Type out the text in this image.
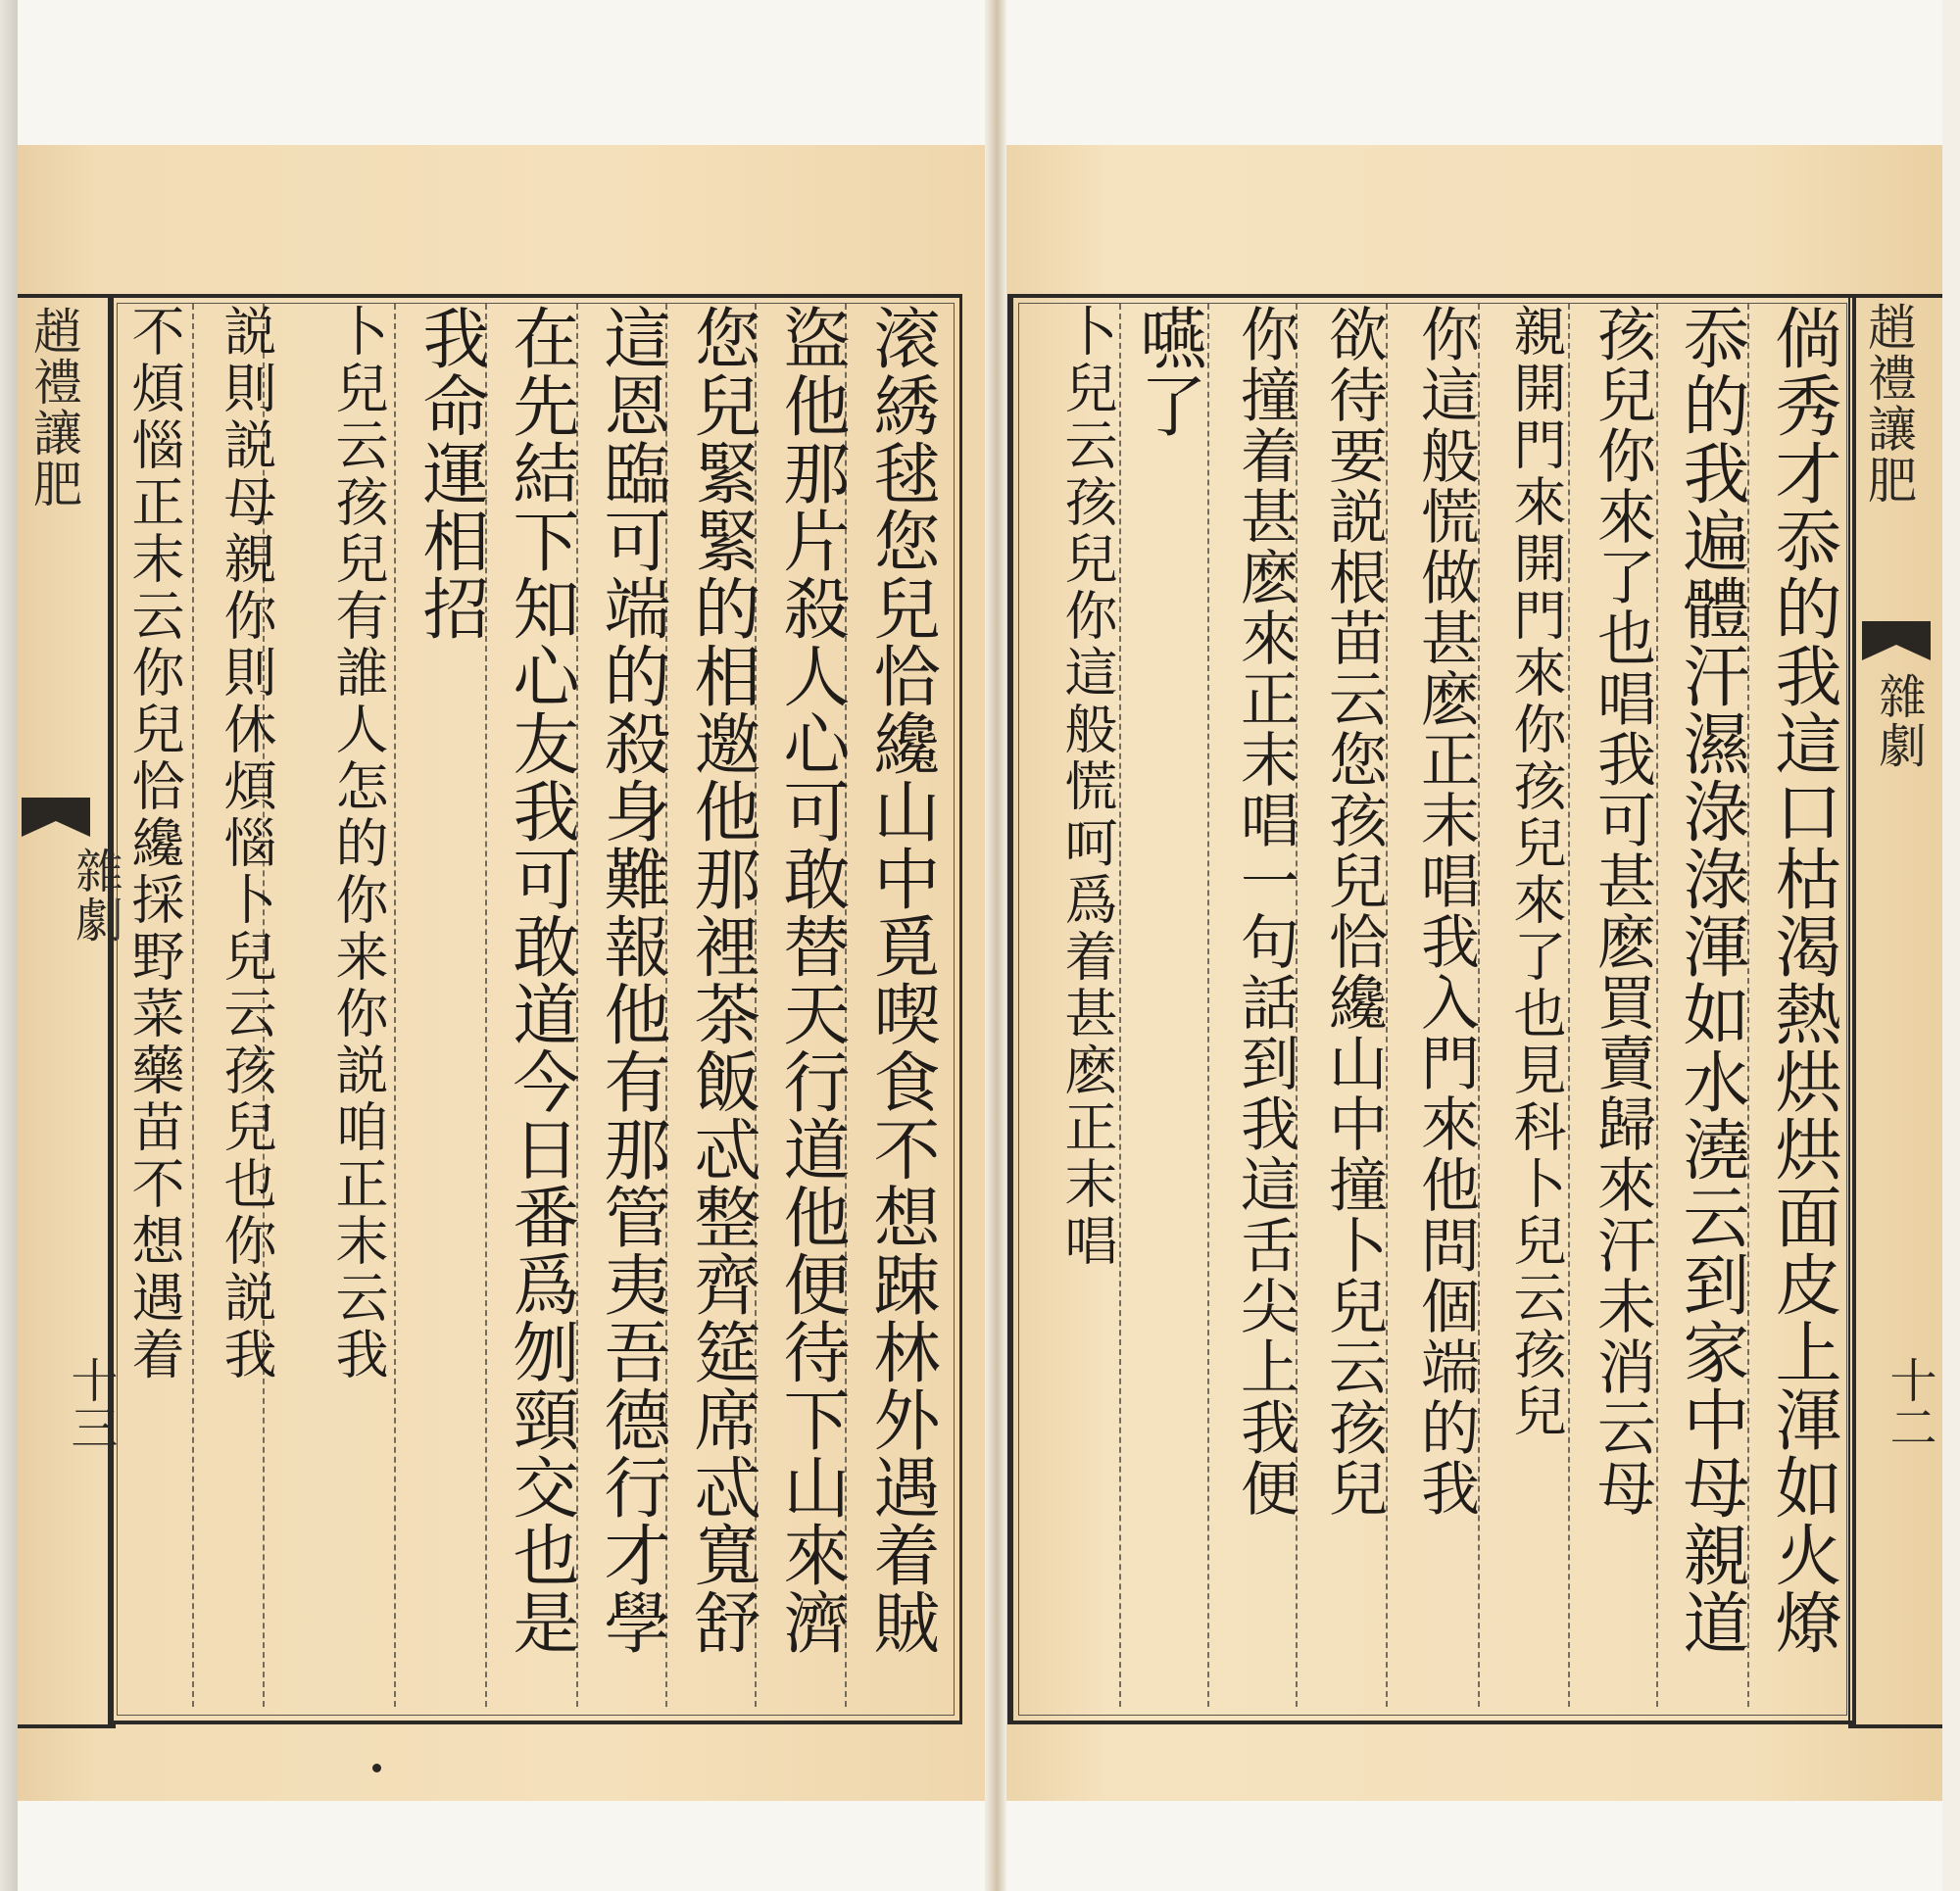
趙禮讓肥
雜劇
十三	滚綉毬您兒恰纔山中覓喫食不想踈林外遇着賊
盜他那片殺人心可敢替天行道他便待下山來濟
您兒緊緊的相邀他那裡茶飯忒整齊筵席忒寬舒
這恩臨可端的殺身難報他有那管夷吾德行才學
在先結下知心友我可敢道今日番爲刎頸交也是
我命運相招
卜兒云孩兒有誰人怎的你来你説咱正末云我
説則説母親你則休煩惱卜兒云孩兒也你説我
不煩惱正末云你兒恰纔採野菜藥苗不想遇着	趙禮讓肥
雜劇
十二
倘秀才忝的我這口枯渴熱烘烘面皮上渾如火燎
忝的我遍體汗濕淥淥渾如水澆云到家中母親道
孩兒你來了也唱我可甚麽買賣歸來汗未消云母
親開門來開門來你孩兒來了也見科卜兒云孩兒
你這般慌做甚麽正末唱我入門來他問個端的我
欲待要説根苗云您孩兒恰纔山中撞卜兒云孩兒
你撞着甚麽來正末唱一句話到我這舌尖上我便
嚥了
卜兒云孩兒你這般慌呵爲着甚麽正末唱
